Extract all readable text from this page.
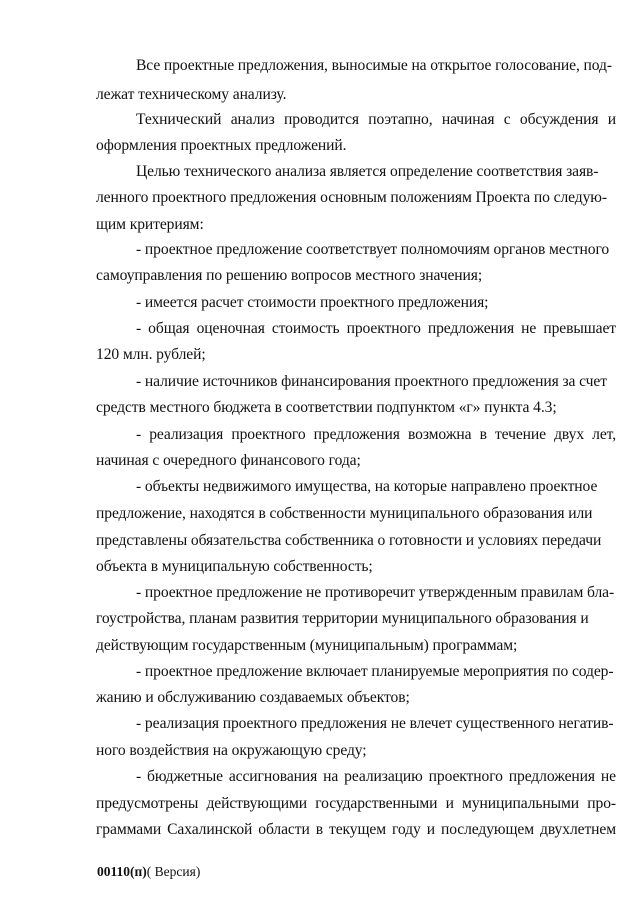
Все проектные предложения, выносимые на открытое голосование, под-

лежат техническому анализу.

Технический анализ проводится поэтапно, начиная с обсуждения и

оформления проектных предложений.

Целью технического анализа является определение соответствия заяв-

ленного проектного предложения основным положениям Проекта по следую-

щим критериям:

- проектное предложение соответствует полномочиям органов местного

самоуправления по решению вопросов местного значения;

- имеется расчет стоимости проектного предложения;

- общая оценочная стоимость проектного предложения не превышает

120 млн. рублей;

- наличие источников финансирования проектного предложения за счет

средств местного бюджета в соответствии подпунктом «г» пункта 4.3;

- реализация проектного предложения возможна в течение двух лет,

начиная с очередного финансового года;

- объекты недвижимого имущества, на которые направлено проектное

предложение, находятся в собственности муниципального образования или

представлены обязательства собственника о готовности и условиях передачи

объекта в муниципальную собственность;

- проектное предложение не противоречит утвержденным правилам бла-

гоустройства, планам развития территории муниципального образования и

действующим государственным (муниципальным) программам;

- проектное предложение включает планируемые мероприятия по содер-

жанию и обслуживанию создаваемых объектов;

- реализация проектного предложения не влечет существенного негатив-

ного воздействия на окружающую среду;

- бюджетные ассигнования на реализацию проектного предложения не

предусмотрены действующими государственными и муниципальными про-

граммами Сахалинской области в текущем году и последующем двухлетнем

00110(п)( Версия)
